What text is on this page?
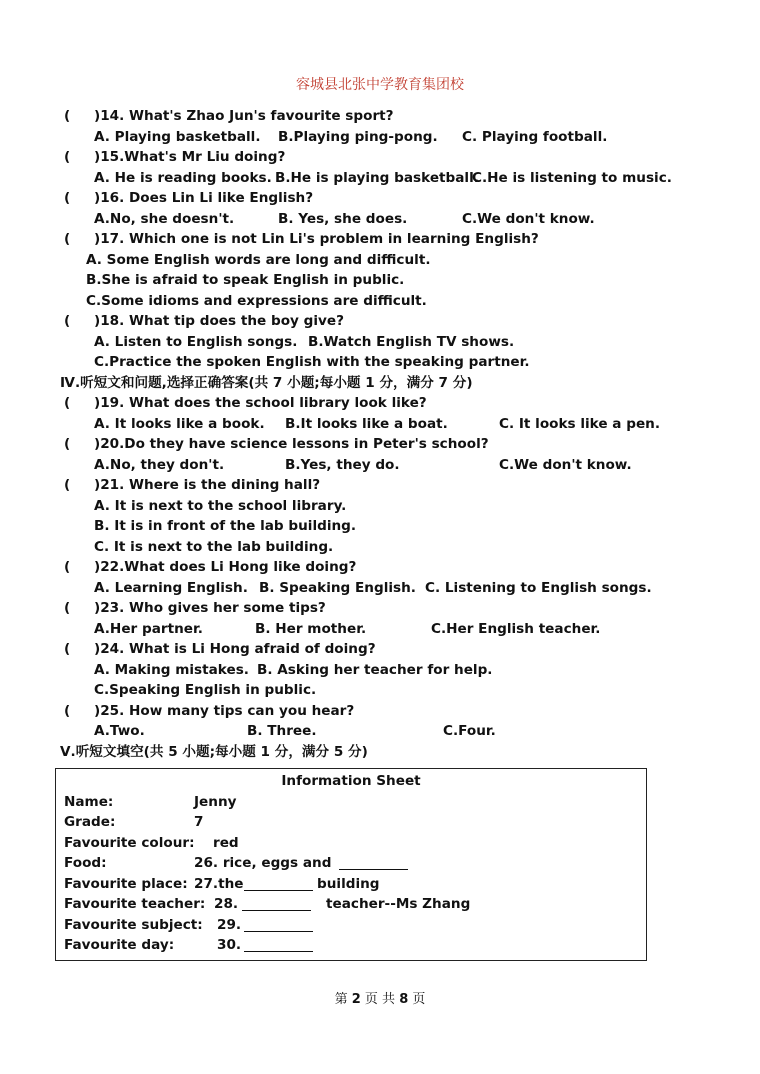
容城县北张中学教育集团校
( )14. What's Zhao Jun's favourite sport?
A. Playing basketball. B.Playing ping-pong. C. Playing football.
( )15.What's Mr Liu doing?
A. He is reading books. B.He is playing basketball.
C.He is listening to music.
( )16. Does Lin Li like English?
A.No, she doesn't.	B. Yes, she does.	C.We don't know.
( )17. Which one is not Lin Li's problem in learning English?
A. Some English words are long and difficult.
B.She is afraid to speak English in public.
C.Some idioms and expressions are difficult.
( )18. What tip does the boy give?
A. Listen to English songs. B.Watch English TV shows.
C.Practice the spoken English with the speaking partner.
Ⅳ.听短文和问题,选择正确答案(共 7 小题;每小题 1 分，满分 7 分)
( )19. What does the school library look like?
A. It looks like a book. B.It looks like a boat.	C. It looks like a pen.
( )20.Do they have science lessons in Peter's school?
A.No, they don't.	B.Yes, they do.	C.We don't know.
( )21. Where is the dining hall?
A. It is next to the school library.
B. It is in front of the lab building.
C. It is next to the lab building.
( )22.What does Li Hong like doing?
A. Learning English. B. Speaking English. C. Listening to English songs.
( )23. Who gives her some tips?
A.Her partner.	B. Her mother.	C.Her English teacher.
( )24. What is Li Hong afraid of doing?
A. Making mistakes. B. Asking her teacher for help.
C.Speaking English in public.
( )25. How many tips can you hear?
A.Two.	B. Three.	C.Four.
Ⅴ.听短文填空(共 5 小题;每小题 1 分，满分 5 分)
Information Sheet
Name:	Jenny
Grade:	7
Favourite colour: red
Food:	26. rice, eggs and
Favourite place: 27.the	building
Favourite teacher: 28.	teacher--Ms Zhang
Favourite subject: 29.
Favourite day:	30.
第 2 页 共 8 页
